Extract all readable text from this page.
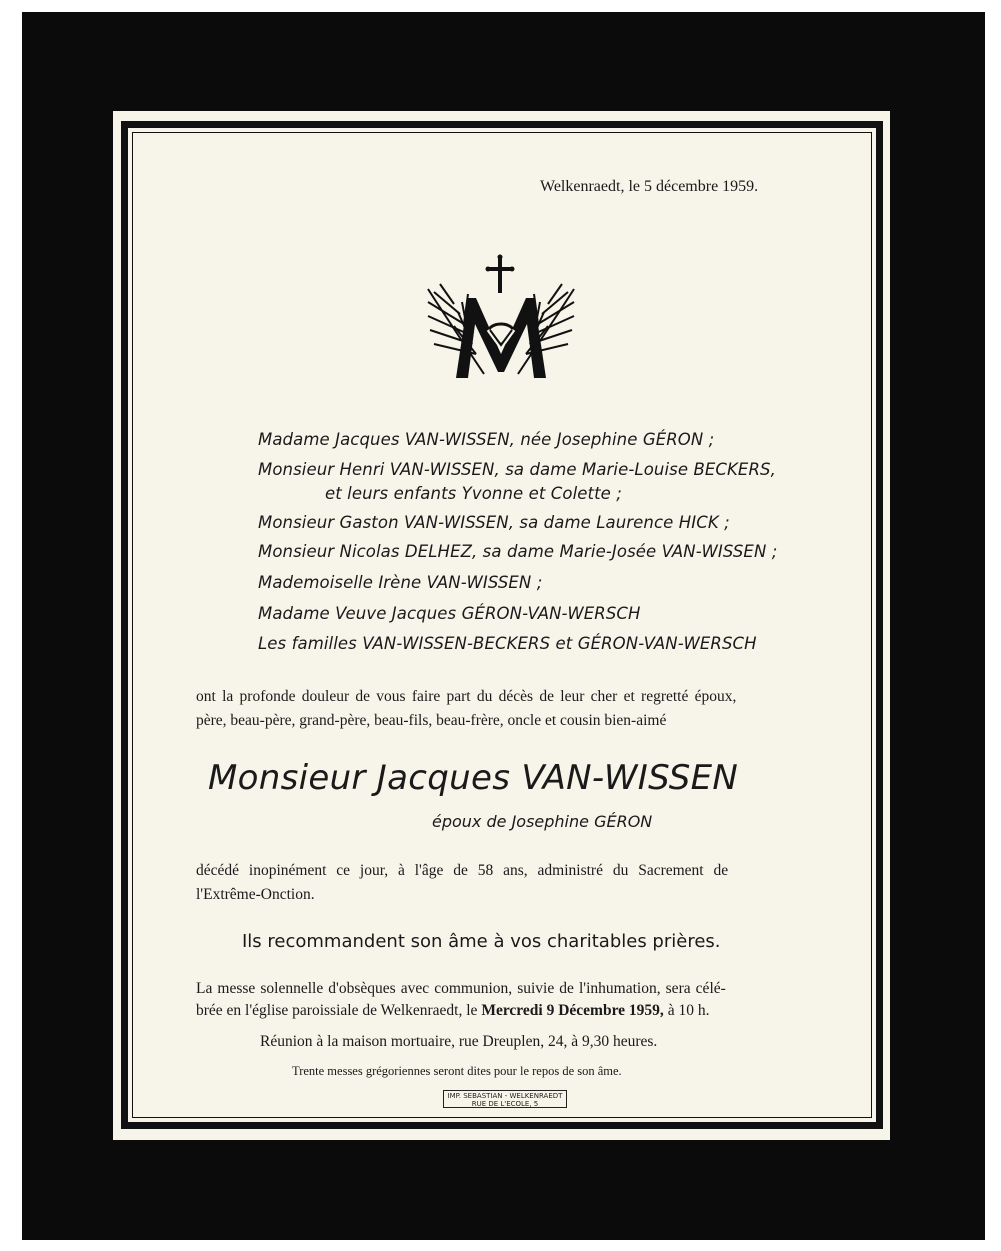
Welkenraedt, le 5 décembre 1959.
Madame Jacques VAN-WISSEN, née Josephine GÉRON ;
Monsieur Henri VAN-WISSEN, sa dame Marie-Louise BECKERS,
et leurs enfants Yvonne et Colette ;
Monsieur Gaston VAN-WISSEN, sa dame Laurence HICK ;
Monsieur Nicolas DELHEZ, sa dame Marie-Josée VAN-WISSEN ;
Mademoiselle Irène VAN-WISSEN ;
Madame Veuve Jacques GÉRON-VAN-WERSCH
Les familles VAN-WISSEN-BECKERS et GÉRON-VAN-WERSCH
ont la profonde douleur de vous faire part du décès de leur cher et regretté époux,
père, beau-père, grand-père, beau-fils, beau-frère, oncle et cousin bien-aimé
Monsieur Jacques VAN-WISSEN
époux de Josephine GÉRON
décédé inopinément ce jour, à l'âge de 58 ans, administré du Sacrement de
l'Extrême-Onction.
Ils recommandent son âme à vos charitables prières.
La messe solennelle d'obsèques avec communion, suivie de l'inhumation, sera célé-
brée en l'église paroissiale de Welkenraedt, le Mercredi 9 Décembre 1959, à 10 h.
Réunion à la maison mortuaire, rue Dreuplen, 24, à 9,30 heures.
Trente messes grégoriennes seront dites pour le repos de son âme.
IMP. SEBASTIAN - WELKENRAEDT
RUE DE L'ECOLE, 5
